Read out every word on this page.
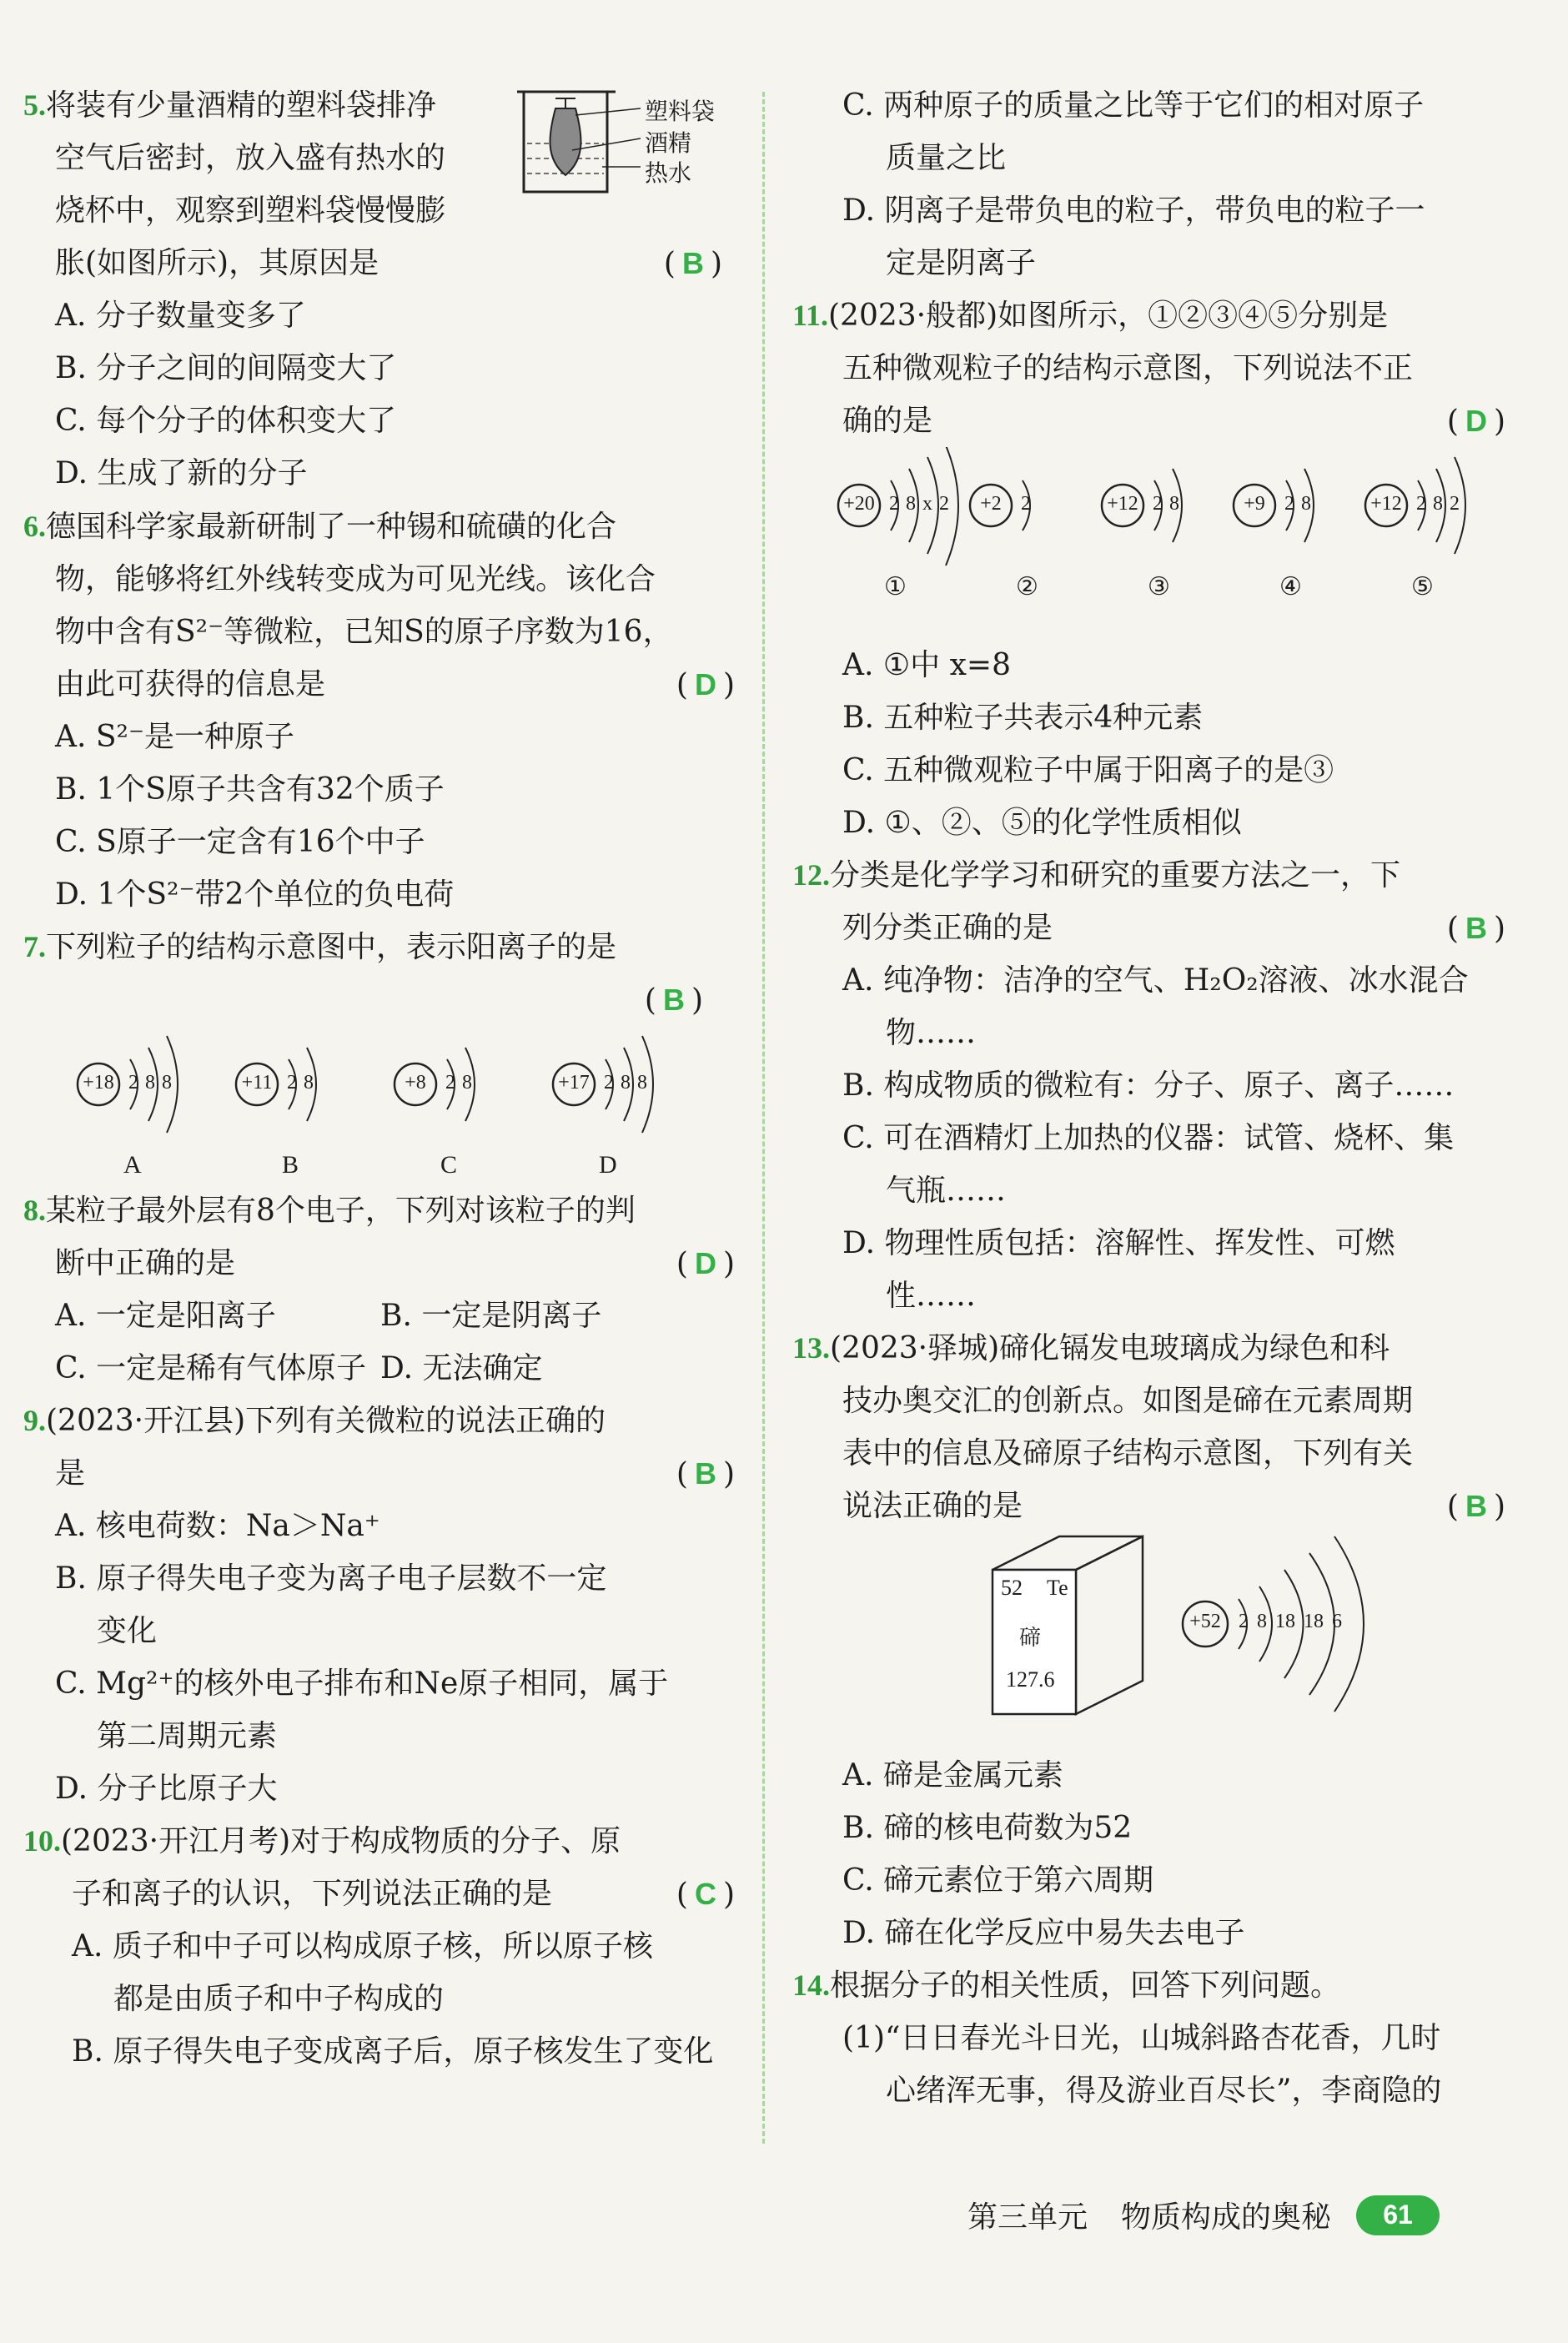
5.将装有少量酒精的塑料袋排净
空气后密封，放入盛有热水的
烧杯中，观察到塑料袋慢慢膨
胀(如图所示)，其原因是	( B )
塑料袋
酒精
热水
A. 分子数量变多了
B. 分子之间的间隔变大了
C. 每个分子的体积变大了
D. 生成了新的分子
6.德国科学家最新研制了一种锡和硫磺的化合
物，能够将红外线转变成为可见光线。该化合
物中含有S²⁻等微粒，已知S的原子序数为16，
由此可获得的信息是	( D )
A. S²⁻是一种原子
B. 1个S原子共含有32个质子
C. S原子一定含有16个中子
D. 1个S²⁻带2个单位的负电荷
7.下列粒子的结构示意图中，表示阳离子的是
( B )
+18 2 8 8
A
+11 2 8
B
+8 2 8
C
+17 2 8 8
D
8.某粒子最外层有8个电子，下列对该粒子的判
断中正确的是	( D )
A. 一定是阳离子	B. 一定是阴离子
C. 一定是稀有气体原子 D. 无法确定
9.(2023·开江县)下列有关微粒的说法正确的
是	( B )
A. 核电荷数：Na＞Na⁺
B. 原子得失电子变为离子电子层数不一定
变化
C. Mg²⁺的核外电子排布和Ne原子相同，属于
第二周期元素
D. 分子比原子大
10.(2023·开江月考)对于构成物质的分子、原
子和离子的认识，下列说法正确的是	( C )
A. 质子和中子可以构成原子核，所以原子核
都是由质子和中子构成的
B. 原子得失电子变成离子后，原子核发生了变化
C. 两种原子的质量之比等于它们的相对原子
质量之比
D. 阴离子是带负电的粒子，带负电的粒子一
定是阴离子
11.(2023·般都)如图所示，①②③④⑤分别是
五种微观粒子的结构示意图，下列说法不正
确的是	( D )
+20 2 8 x 2
①
+2 2
②
+12 2 8
③
+9 2 8
④
+12 2 8 2
⑤
A. ①中 x=8
B. 五种粒子共表示4种元素
C. 五种微观粒子中属于阳离子的是③
D. ①、②、⑤的化学性质相似
12.分类是化学学习和研究的重要方法之一，下
列分类正确的是	( B )
A. 纯净物：洁净的空气、H₂O₂溶液、冰水混合
物……
B. 构成物质的微粒有：分子、原子、离子……
C. 可在酒精灯上加热的仪器：试管、烧杯、集
气瓶……
D. 物理性质包括：溶解性、挥发性、可燃
性……
13.(2023·驿城)碲化镉发电玻璃成为绿色和科
技办奥交汇的创新点。如图是碲在元素周期
表中的信息及碲原子结构示意图，下列有关
说法正确的是	( B )
52 Te
碲
127.6
+52 2 8 18 18 6
A. 碲是金属元素
B. 碲的核电荷数为52
C. 碲元素位于第六周期
D. 碲在化学反应中易失去电子
14.根据分子的相关性质，回答下列问题。
(1)“日日春光斗日光，山城斜路杏花香，几时
心绪浑无事，得及游业百尽长”，李商隐的
第三单元 物质构成的奥秘	61
